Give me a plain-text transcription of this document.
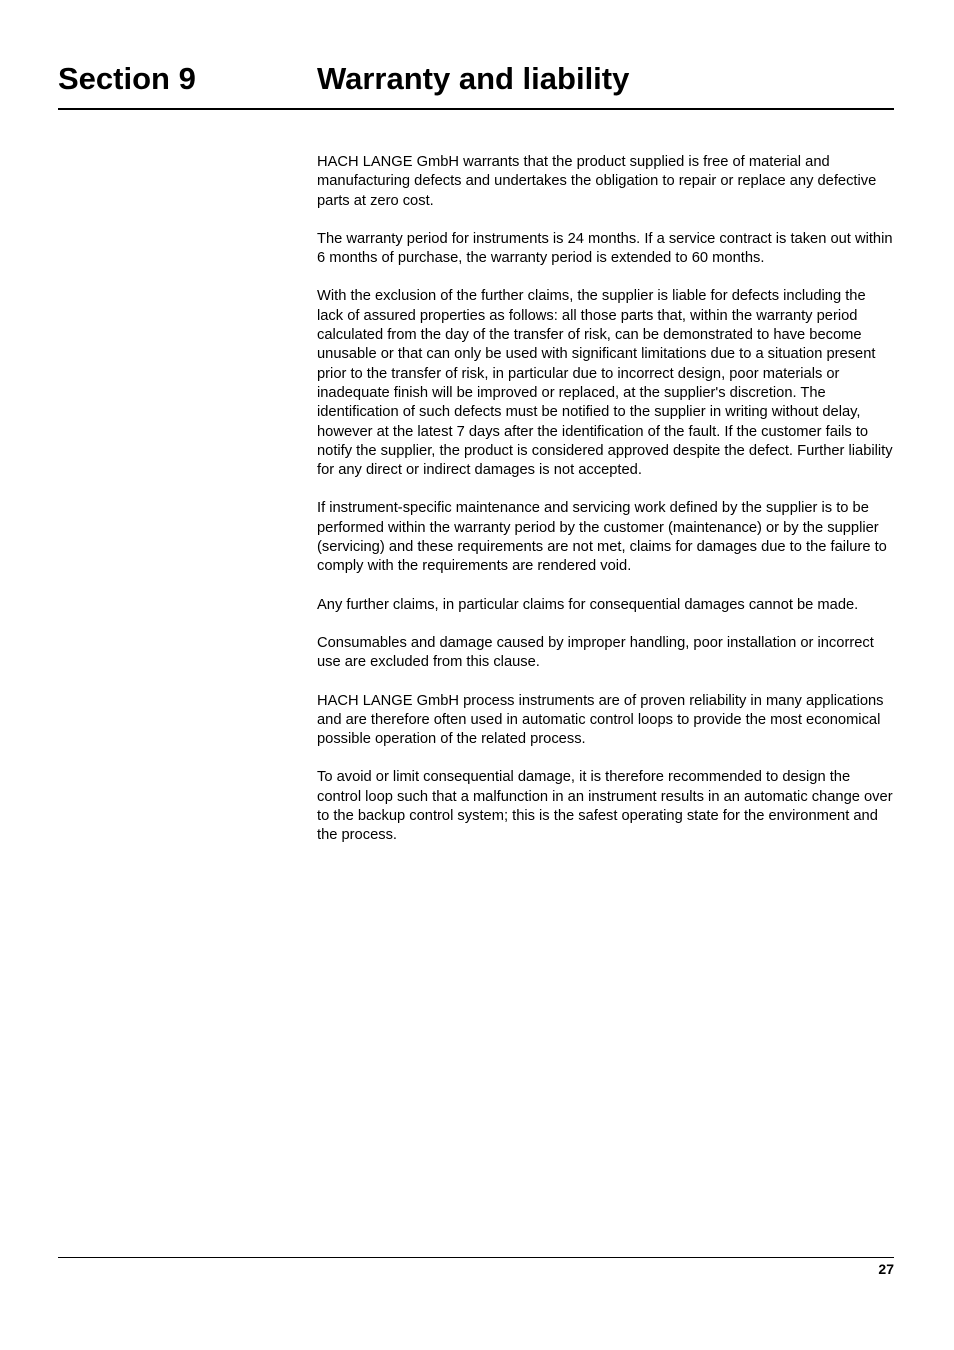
Section 9	Warranty and liability

HACH LANGE GmbH warrants that the product supplied is free of material and manufacturing defects and undertakes the obligation to repair or replace any defective parts at zero cost.

The warranty period for instruments is 24 months. If a service contract is taken out within 6 months of purchase, the warranty period is extended to 60 months.

With the exclusion of the further claims, the supplier is liable for defects including the lack of assured properties as follows: all those parts that, within the warranty period calculated from the day of the transfer of risk, can be demonstrated to have become unusable or that can only be used with significant limitations due to a situation present prior to the transfer of risk, in particular due to incorrect design, poor materials or inadequate finish will be improved or replaced, at the supplier's discretion. The identification of such defects must be notified to the supplier in writing without delay, however at the latest 7 days after the identification of the fault. If the customer fails to notify the supplier, the product is considered approved despite the defect. Further liability for any direct or indirect damages is not accepted.

If instrument-specific maintenance and servicing work defined by the supplier is to be performed within the warranty period by the customer (maintenance) or by the supplier (servicing) and these requirements are not met, claims for damages due to the failure to comply with the requirements are rendered void.

Any further claims, in particular claims for consequential damages cannot be made.

Consumables and damage caused by improper handling, poor installation or incorrect use are excluded from this clause.

HACH LANGE GmbH process instruments are of proven reliability in many applications and are therefore often used in automatic control loops to provide the most economical possible operation of the related process.

To avoid or limit consequential damage, it is therefore recommended to design the control loop such that a malfunction in an instrument results in an automatic change over to the backup control system; this is the safest operating state for the environment and the process.

27
